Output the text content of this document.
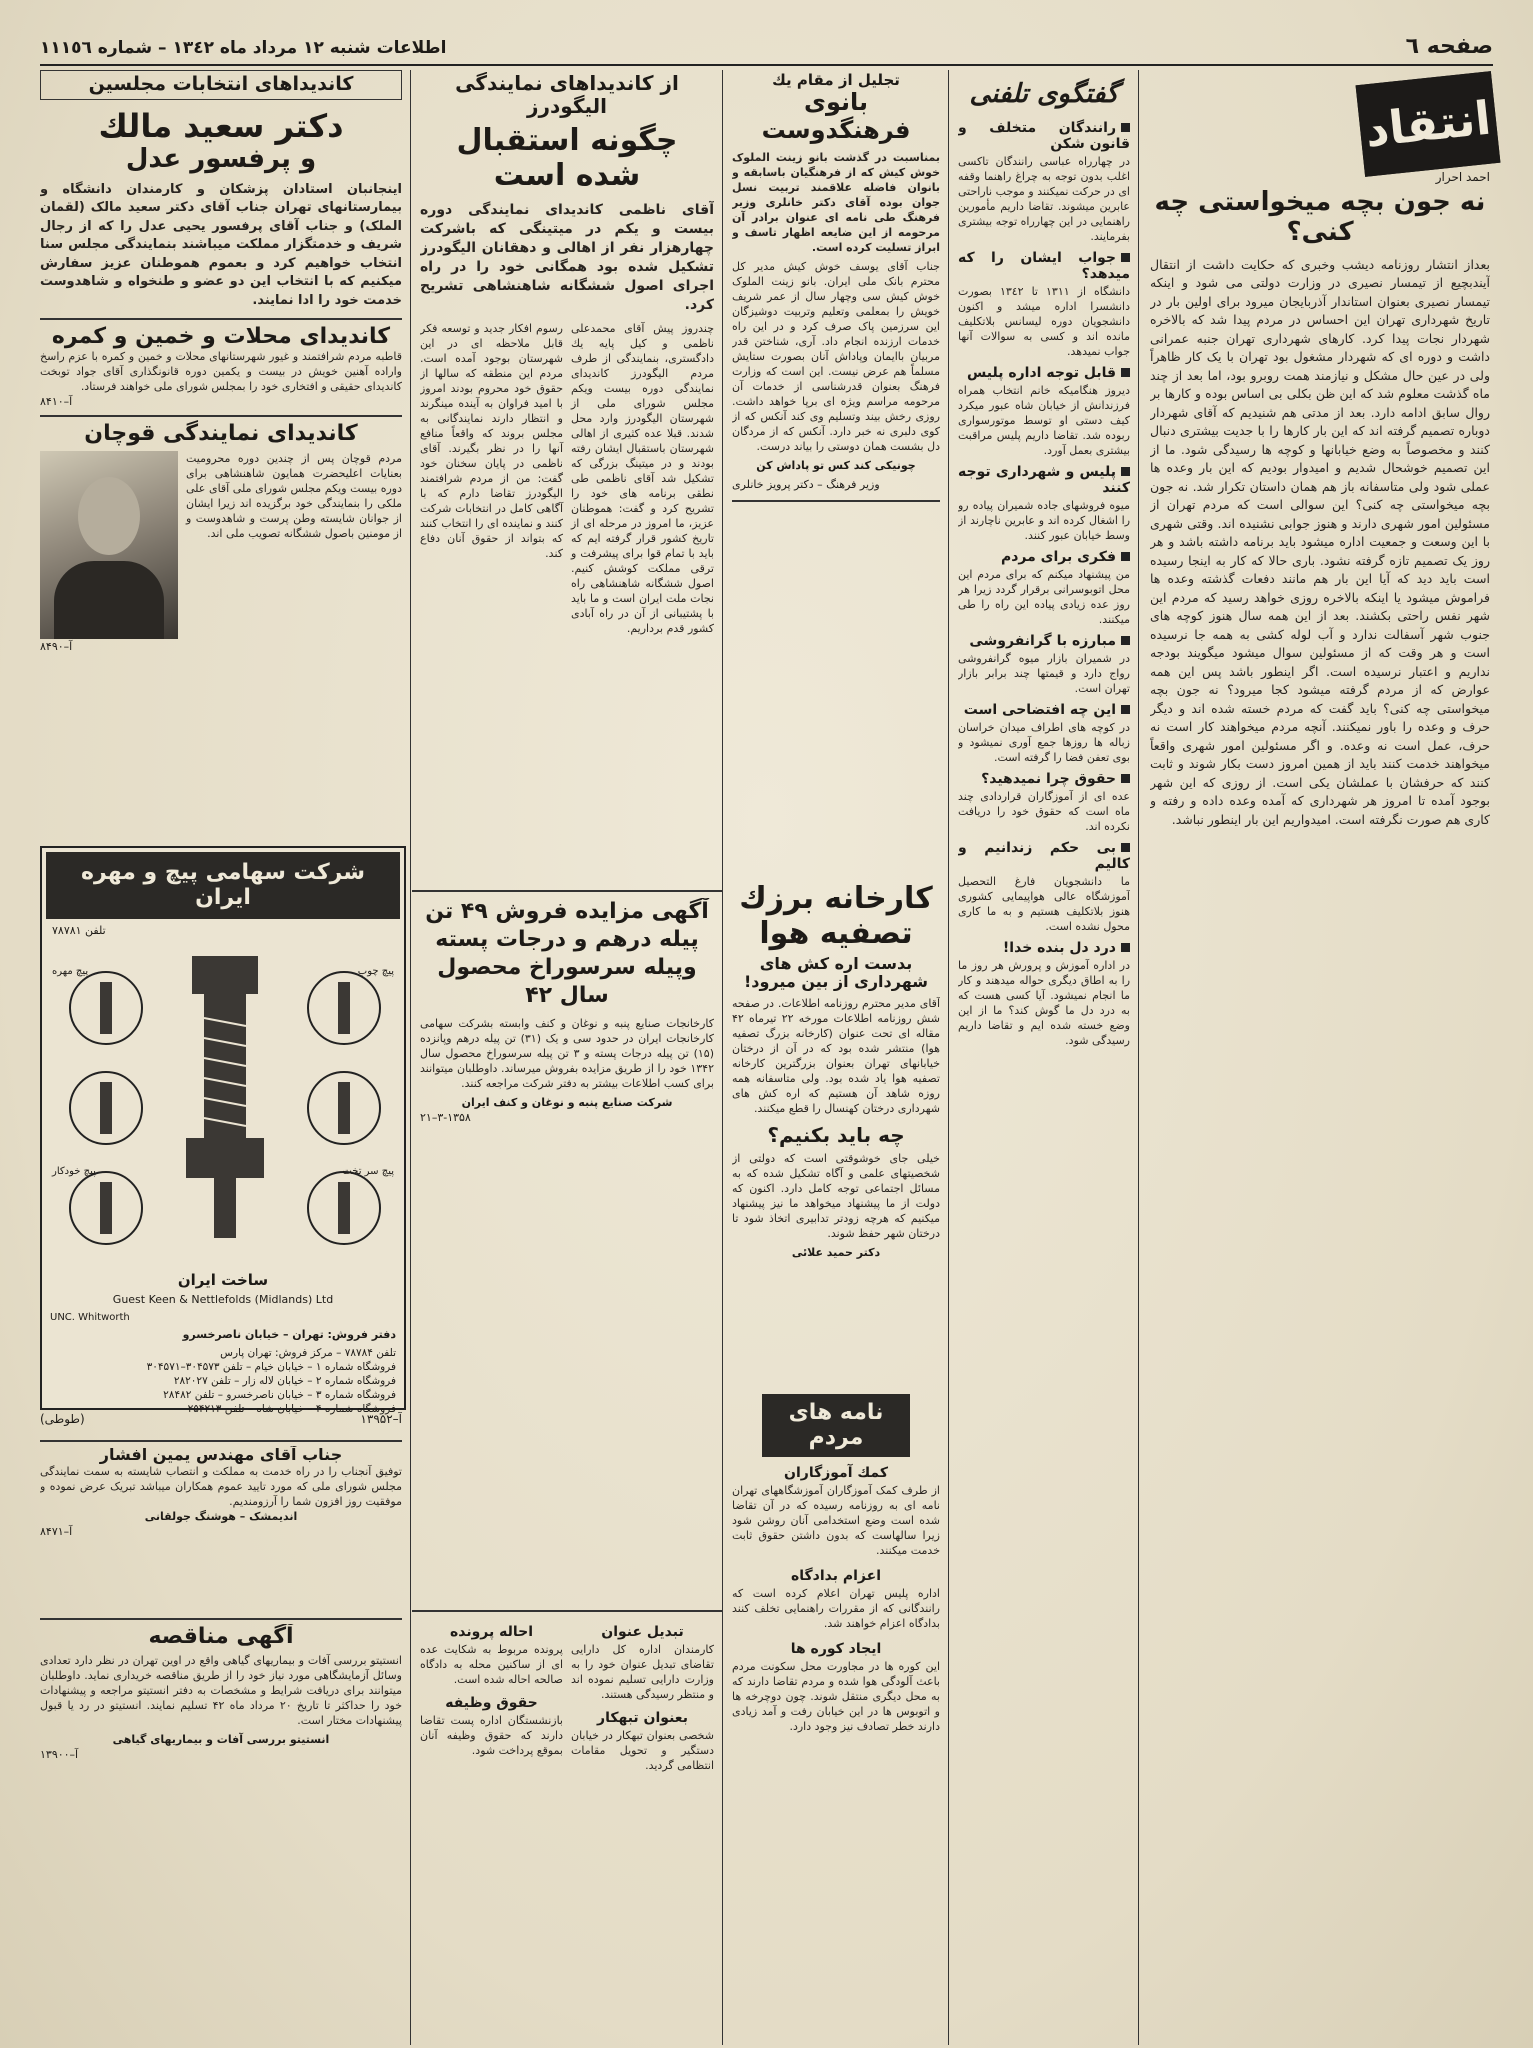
صفحه ٦
اطلاعات شنبه ١٢ مرداد ماه ١٣٤٢ – شماره ١١١٥٦
انتقاد
احمد احرار
نه جون بچه میخواستی چه کنی؟
بعداز انتشار روزنامه دیشب وخبری که حکایت داشت از انتقال آیندبچیع از تیمسار نصیری در وزارت دولتی می شود و اینکه تیمسار نصیری بعنوان استاندار آذربایجان میرود برای اولین بار در تاریخ شهرداری تهران این احساس در مردم پیدا شد که بالاخره شهردار نجات پیدا کرد. کارهای شهرداری تهران جنبه عمرانی داشت و دوره ای که شهردار مشغول بود تهران با یک کار ظاهراً ولی در عین حال مشکل و نیازمند همت روبرو بود، اما بعد از چند ماه گذشت معلوم شد که این ظن بکلی بی اساس بوده و کارها بر روال سابق ادامه دارد. بعد از مدتی هم شنیدیم که آقای شهردار دوباره تصمیم گرفته اند که این بار کارها را با جدیت بیشتری دنبال کنند و مخصوصاً به وضع خیابانها و کوچه ها رسیدگی شود. ما از این تصمیم خوشحال شدیم و امیدوار بودیم که این بار وعده ها عملی شود ولی متاسفانه باز هم همان داستان تکرار شد. نه جون بچه میخواستی چه کنی؟ این سوالی است که مردم تهران از مسئولین امور شهری دارند و هنوز جوابی نشنیده اند. وقتی شهری با این وسعت و جمعیت اداره میشود باید برنامه داشته باشد و هر روز یک تصمیم تازه گرفته نشود. باری حالا که کار به اینجا رسیده است باید دید که آیا این بار هم مانند دفعات گذشته وعده ها فراموش میشود یا اینکه بالاخره روزی خواهد رسید که مردم این شهر نفس راحتی بکشند. بعد از این همه سال هنوز کوچه های جنوب شهر آسفالت ندارد و آب لوله کشی به همه جا نرسیده است و هر وقت که از مسئولین سوال میشود میگویند بودجه نداریم و اعتبار نرسیده است. اگر اینطور باشد پس این همه عوارض که از مردم گرفته میشود کجا میرود؟ نه جون بچه میخواستی چه کنی؟ باید گفت که مردم خسته شده اند و دیگر حرف و وعده را باور نمیکنند. آنچه مردم میخواهند کار است نه حرف، عمل است نه وعده. و اگر مسئولین امور شهری واقعاً میخواهند خدمت کنند باید از همین امروز دست بکار شوند و ثابت کنند که حرفشان با عملشان یکی است. از روزی که این شهر بوجود آمده تا امروز هر شهرداری که آمده وعده داده و رفته و کاری هم صورت نگرفته است. امیدواریم این بار اینطور نباشد.
گفتگوی تلفنی
رانندگان متخلف و قانون شکن
در چهارراه عباسی رانندگان تاکسی اغلب بدون توجه به چراغ راهنما وقفه ای در حرکت نمیکنند و موجب ناراحتی عابرین میشوند. تقاضا داریم مأمورین راهنمایی در این چهارراه توجه بیشتری بفرمایند.
جواب ایشان را که میدهد؟
دانشگاه از ١٣١١ تا ١٣٤٢ بصورت دانشسرا اداره میشد و اکنون دانشجویان دوره لیسانس بلاتکلیف مانده اند و کسی به سوالات آنها جواب نمیدهد.
قابل توجه اداره پلیس
دیروز هنگامیکه خانم انتخاب همراه فرزندانش از خیابان شاه عبور میکرد کیف دستی او توسط موتورسواری ربوده شد. تقاضا داریم پلیس مراقبت بیشتری بعمل آورد.
پلیس و شهرداری توجه کنند
میوه فروشهای جاده شمیران پیاده رو را اشغال کرده اند و عابرین ناچارند از وسط خیابان عبور کنند.
فکری برای مردم
من پیشنهاد میکنم که برای مردم این محل اتوبوسرانی برقرار گردد زیرا هر روز عده زیادی پیاده این راه را طی میکنند.
مبارزه با گرانفروشی
در شمیران بازار میوه گرانفروشی رواج دارد و قیمتها چند برابر بازار تهران است.
این چه افتضاحی است
در کوچه های اطراف میدان خراسان زباله ها روزها جمع آوری نمیشود و بوی تعفن فضا را گرفته است.
حقوق چرا نمیدهید؟
عده ای از آموزگاران قراردادی چند ماه است که حقوق خود را دریافت نکرده اند.
بی حکم زندانیم و کالیم
ما دانشجویان فارغ التحصیل آموزشگاه عالی هواپیمایی کشوری هنوز بلاتکلیف هستیم و به ما کاری محول نشده است.
درد دل بنده خدا!
در اداره آموزش و پرورش هر روز ما را به اطاق دیگری حواله میدهند و کار ما انجام نمیشود. آیا کسی هست که به درد دل ما گوش کند؟ ما از این وضع خسته شده ایم و تقاضا داریم رسیدگی شود.
تجلیل از مقام یك
بانوی فرهنگدوست
بمناسبت در گذشت بانو زینت الملوک خوش کیش که از فرهنگیان باسابقه و بانوان فاضله علاقمند تربیت نسل جوان بوده آقای دکتر خانلری وزیر فرهنگ طی نامه ای عنوان برادر آن مرحومه از این ضایعه اظهار تاسف و ابراز تسلیت کرده است.
جناب آقای یوسف خوش کیش مدیر کل محترم بانک ملی ایران. بانو زینت الملوک خوش کیش سی وچهار سال از عمر شریف خویش را بمعلمی وتعلیم وتربیت دوشیزگان این سرزمین پاک صرف کرد و در این راه خدمات ارزنده انجام داد. آری، شناختن قدر مربیان باایمان وپاداش آنان بصورت ستایش مسلماً هم عرض نیست. این است که وزارت فرهنگ بعنوان قدرشناسی از خدمات آن مرحومه مراسم ویژه ای برپا خواهد داشت. روزی رخش بیند وتسلیم وی کند آنکس که از کوی دلبری نه خبر دارد. آنکس که از مردگان دل بشست همان دوستی را بیاند درست.
چونیکی کند کس تو پاداش کن
وزیر فرهنگ – دکتر پرویز خانلری
کارخانه برزك تصفیه هوا
بدست اره کش های شهرداری از بین میرود!
آقای مدیر محترم روزنامه اطلاعات. در صفحه شش روزنامه اطلاعات مورخه ۲۲ تیرماه ۴۲ مقاله ای تحت عنوان (کارخانه بزرگ تصفیه هوا) منتشر شده بود که در آن از درختان خیابانهای تهران بعنوان بزرگترین کارخانه تصفیه هوا یاد شده بود. ولی متاسفانه همه روزه شاهد آن هستیم که اره کش های شهرداری درختان کهنسال را قطع میکنند.
چه باید بکنیم؟
خیلی جای خوشوقتی است که دولتی از شخصیتهای علمی و آگاه تشکیل شده که به مسائل اجتماعی توجه کامل دارد. اکنون که دولت از ما پیشنهاد میخواهد ما نیز پیشنهاد میکنیم که هرچه زودتر تدابیری اتخاذ شود تا درختان شهر حفظ شوند.
دکتر حمید علائی
نامه های مردم
کمك آموزگاران
از طرف کمک آموزگاران آموزشگاههای تهران نامه ای به روزنامه رسیده که در آن تقاضا شده است وضع استخدامی آنان روشن شود زیرا سالهاست که بدون داشتن حقوق ثابت خدمت میکنند.
اعزام بدادگاه
اداره پلیس تهران اعلام کرده است که رانندگانی که از مقررات راهنمایی تخلف کنند بدادگاه اعزام خواهند شد.
ایجاد کوره ها
این کوره ها در مجاورت محل سکونت مردم باعث آلودگی هوا شده و مردم تقاضا دارند که به محل دیگری منتقل شوند. چون دوچرخه ها و اتوبوس ها در این خیابان رفت و آمد زیادی دارند خطر تصادف نیز وجود دارد.
از کاندیداهای نمایندگی الیگودرز
چگونه استقبال شده است
آقای ناظمی کاندیدای نمایندگی دوره بیست و یکم در میتینگی که باشرکت چهارهزار نفر از اهالی و دهقانان الیگودرز تشکیل شده بود همگانی خود را در راه اجرای اصول ششگانه شاهنشاهی تشریح کرد.
چندروز پیش آقای محمدعلی ناظمی و کیل پایه یك دادگستری، بنمایندگی از طرف مردم الیگودرز کاندیدای نمایندگی دوره بیست ویکم مجلس شورای ملی از شهرستان الیگودرز وارد محل شدند. قبلا عده کثیری از اهالی شهرستان باستقبال ایشان رفته بودند و در میتینگ بزرگی که تشکیل شد آقای ناظمی طی نطقی برنامه های خود را تشریح کرد و گفت: هموطنان عزیز، ما امروز در مرحله ای از تاریخ کشور قرار گرفته ایم که باید با تمام قوا برای پیشرفت و ترقی مملکت کوشش کنیم. اصول ششگانه شاهنشاهی راه نجات ملت ایران است و ما باید با پشتیبانی از آن در راه آبادی کشور قدم برداریم.
رسوم افکار جدید و توسعه فکر قابل ملاحظه ای در این شهرستان بوجود آمده است. مردم این منطقه که سالها از حقوق خود محروم بودند امروز با امید فراوان به آینده مینگرند و انتظار دارند نمایندگانی به مجلس بروند که واقعاً منافع آنها را در نظر بگیرند. آقای ناظمی در پایان سخنان خود گفت: من از مردم شرافتمند الیگودرز تقاضا دارم که با آگاهی کامل در انتخابات شرکت کنند و نماینده ای را انتخاب کنند که بتواند از حقوق آنان دفاع کند.
آگهی مزایده فروش ۴۹ تن پیله درهم و درجات پسته وپیله سرسوراخ محصول سال ۴۲
کارخانجات صنایع پنبه و نوغان و کنف وابسته بشرکت سهامی کارخانجات ایران در حدود سی و یک (۳۱) تن پیله درهم وپانزده (۱۵) تن پیله درجات پسته و ۳ تن پیله سرسوراخ محصول سال ۱۳۴۲ خود را از طریق مزایده بفروش میرساند. داوطلبان میتوانند برای کسب اطلاعات بیشتر به دفتر شرکت مراجعه کنند.
شرکت صنایع پنبه و نوغان و کنف ایران
۳-۱۳۵۸–۲۱
تبدیل عنوان
کارمندان اداره کل دارایی تقاضای تبدیل عنوان خود را به وزارت دارایی تسلیم نموده اند و منتظر رسیدگی هستند.
بعنوان تبهکار
شخصی بعنوان تبهکار در خیابان دستگیر و تحویل مقامات انتظامی گردید.
احاله پرونده
پرونده مربوط به شکایت عده ای از ساکنین محله به دادگاه صالحه احاله شده است.
حقوق وظیفه
بازنشستگان اداره پست تقاضا دارند که حقوق وظیفه آنان بموقع پرداخت شود.
کاندیداهای انتخابات مجلسین
دکتر سعید مالك
و پرفسور عدل
اینجانبان استادان پزشکان و کارمندان دانشگاه و بیمارستانهای تهران جناب آقای دکتر سعید مالک (لقمان الملک) و جناب آقای پرفسور یحیی عدل را که از رجال شریف و خدمتگزار مملکت میباشند بنمایندگی مجلس سنا انتخاب خواهیم کرد و بعموم هموطنان عزیز سفارش میکنیم که با انتخاب این دو عضو و طنخواه و شاهدوست خدمت خود را ادا نمایند.
کاندیدای محلات و خمین و کمره
قاطبه مردم شرافتمند و غیور شهرستانهای محلات و خمین و کمره با عزم راسخ واراده آهنین خویش در بیست و یکمین دوره قانونگذاری آقای جواد توبخت کاندیدای حقیقی و افتخاری خود را بمجلس شورای ملی خواهند فرستاد.
آ–۸۴۱۰
کاندیدای نمایندگی قوچان
مردم قوچان پس از چندین دوره محرومیت بعنایات اعلیحضرت همایون شاهنشاهی برای دوره بیست ویکم مجلس شورای ملی آقای علی ملکی را بنمایندگی خود برگزیده اند زیرا ایشان از جوانان شایسته وطن پرست و شاهدوست و از مومنین باصول ششگانه تصویب ملی اند.
آ–۸۴۹۰
شرکت سهامی پیچ و مهره ایران
تلفن ۷۸۷۸۱
پیچ چوب
پیچ مهره
پیچ سر تخت
پیچ خودکار
ساخت ایران
Guest Keen & Nettlefolds (Midlands) Ltd
UNC. Whitworth
دفتر فروش: تهران – خیابان ناصرخسرو
تلفن ۷۸۷۸۴ – مرکز فروش: تهران پارس
فروشگاه شماره ۱ – خیابان خیام – تلفن ۳۰۴۵۷۳–۳۰۴۵۷۱
فروشگاه شماره ۲ – خیابان لاله زار – تلفن ۲۸۲۰۲۷
فروشگاه شماره ۳ – خیابان ناصرخسرو – تلفن ۲۸۴۸۲
فروشگاه شماره ۴ – خیابان شاه – تلفن ۲۵۴۲۱۳
آ–۱۳۹۵۲
(طوطی)
جناب آقای مهندس یمین افشار
توفیق آنجناب را در راه خدمت به مملکت و انتصاب شایسته به سمت نمایندگی مجلس شورای ملی که مورد تایید عموم همکاران میباشد تبریک عرض نموده و موفقیت روز افزون شما را آرزومندیم.
اندیمشک – هوشنگ جولقانی
آ–۸۴۷۱
آگهی مناقصه
انستیتو بررسی آفات و بیماریهای گیاهی واقع در اوین تهران در نظر دارد تعدادی وسائل آزمایشگاهی مورد نیاز خود را از طریق مناقصه خریداری نماید. داوطلبان میتوانند برای دریافت شرایط و مشخصات به دفتر انستیتو مراجعه و پیشنهادات خود را حداکثر تا تاریخ ۲۰ مرداد ماه ۴۲ تسلیم نمایند. انستیتو در رد یا قبول پیشنهادات مختار است.
انستیتو بررسی آفات و بیماریهای گیاهی
آ–۱۳۹۰۰
